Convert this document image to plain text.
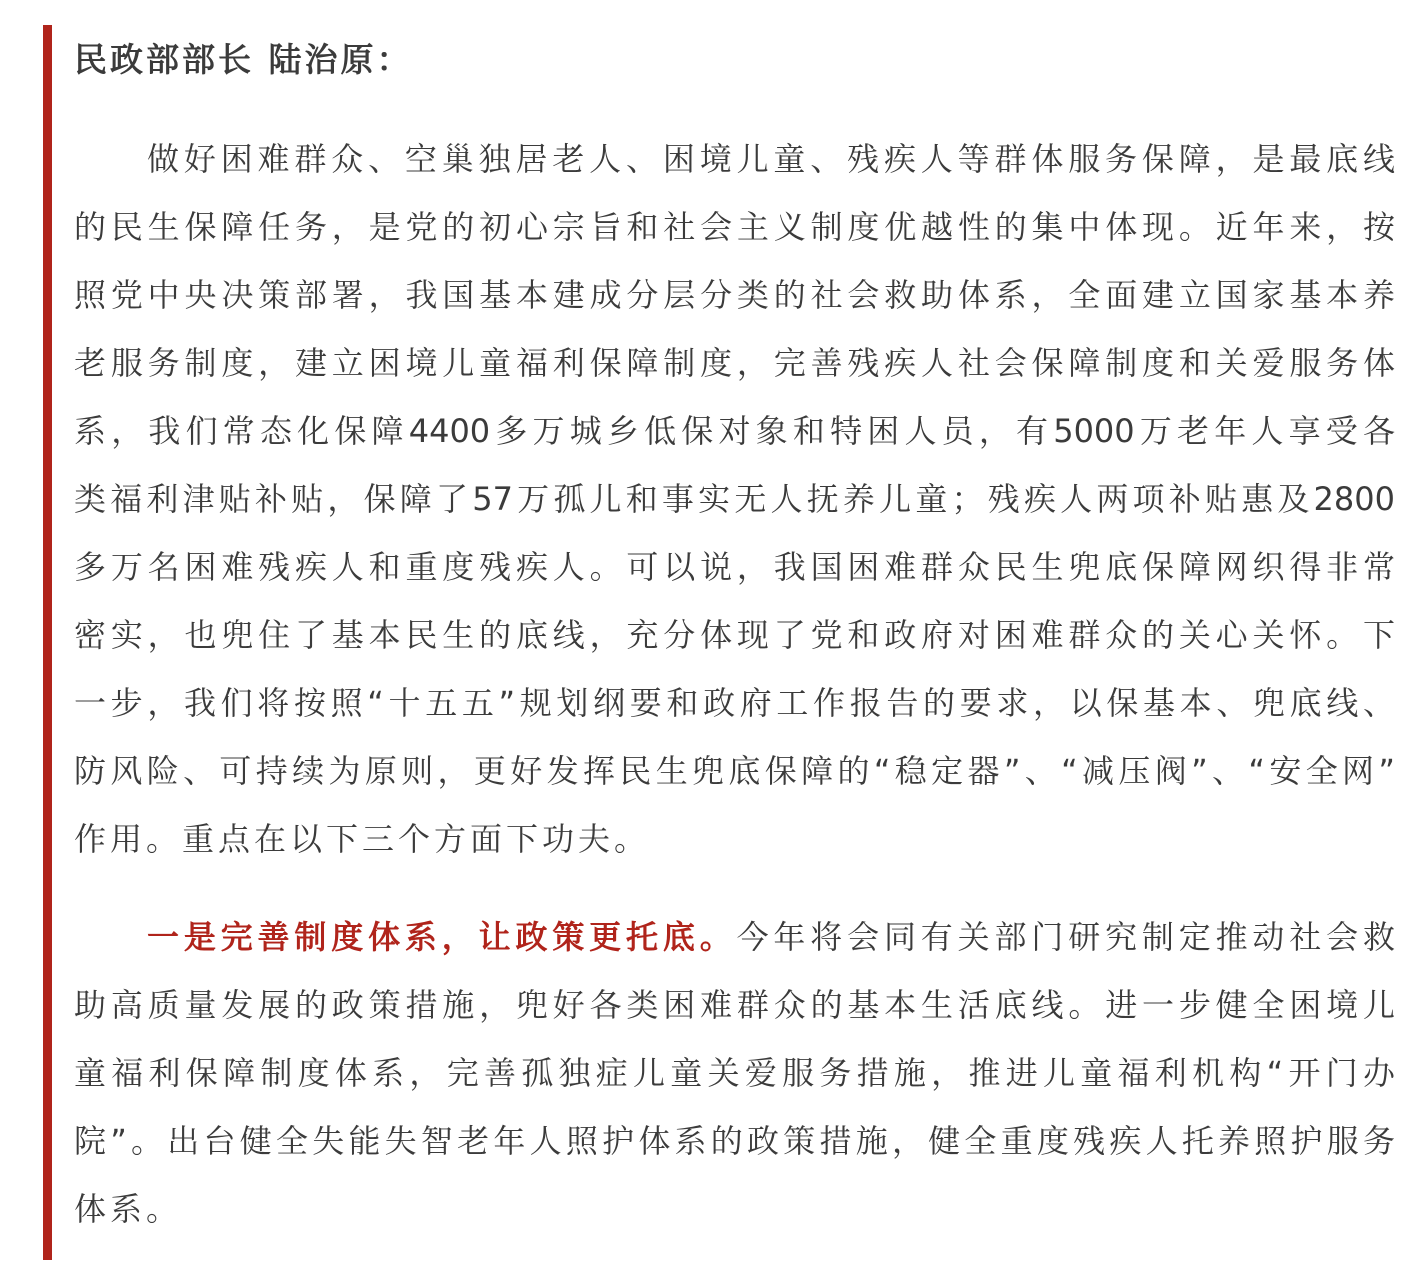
民政部部长 陆治原：
做好困难群众、空巢独居老人、困境儿童、残疾人等群体服务保障，是最底线
的民生保障任务，是党的初心宗旨和社会主义制度优越性的集中体现。近年来，按
照党中央决策部署，我国基本建成分层分类的社会救助体系，全面建立国家基本养
老服务制度，建立困境儿童福利保障制度，完善残疾人社会保障制度和关爱服务体
系，我们常态化保障4400多万城乡低保对象和特困人员，有5000万老年人享受各
类福利津贴补贴，保障了57万孤儿和事实无人抚养儿童；残疾人两项补贴惠及2800
多万名困难残疾人和重度残疾人。可以说，我国困难群众民生兜底保障网织得非常
密实，也兜住了基本民生的底线，充分体现了党和政府对困难群众的关心关怀。下
一步，我们将按照“十五五”规划纲要和政府工作报告的要求，以保基本、兜底线、
防风险、可持续为原则，更好发挥民生兜底保障的“稳定器”、“减压阀”、“安全网”
作用。重点在以下三个方面下功夫。
一是完善制度体系，让政策更托底。今年将会同有关部门研究制定推动社会救
助高质量发展的政策措施，兜好各类困难群众的基本生活底线。进一步健全困境儿
童福利保障制度体系，完善孤独症儿童关爱服务措施，推进儿童福利机构“开门办
院”。出台健全失能失智老年人照护体系的政策措施，健全重度残疾人托养照护服务
体系。
